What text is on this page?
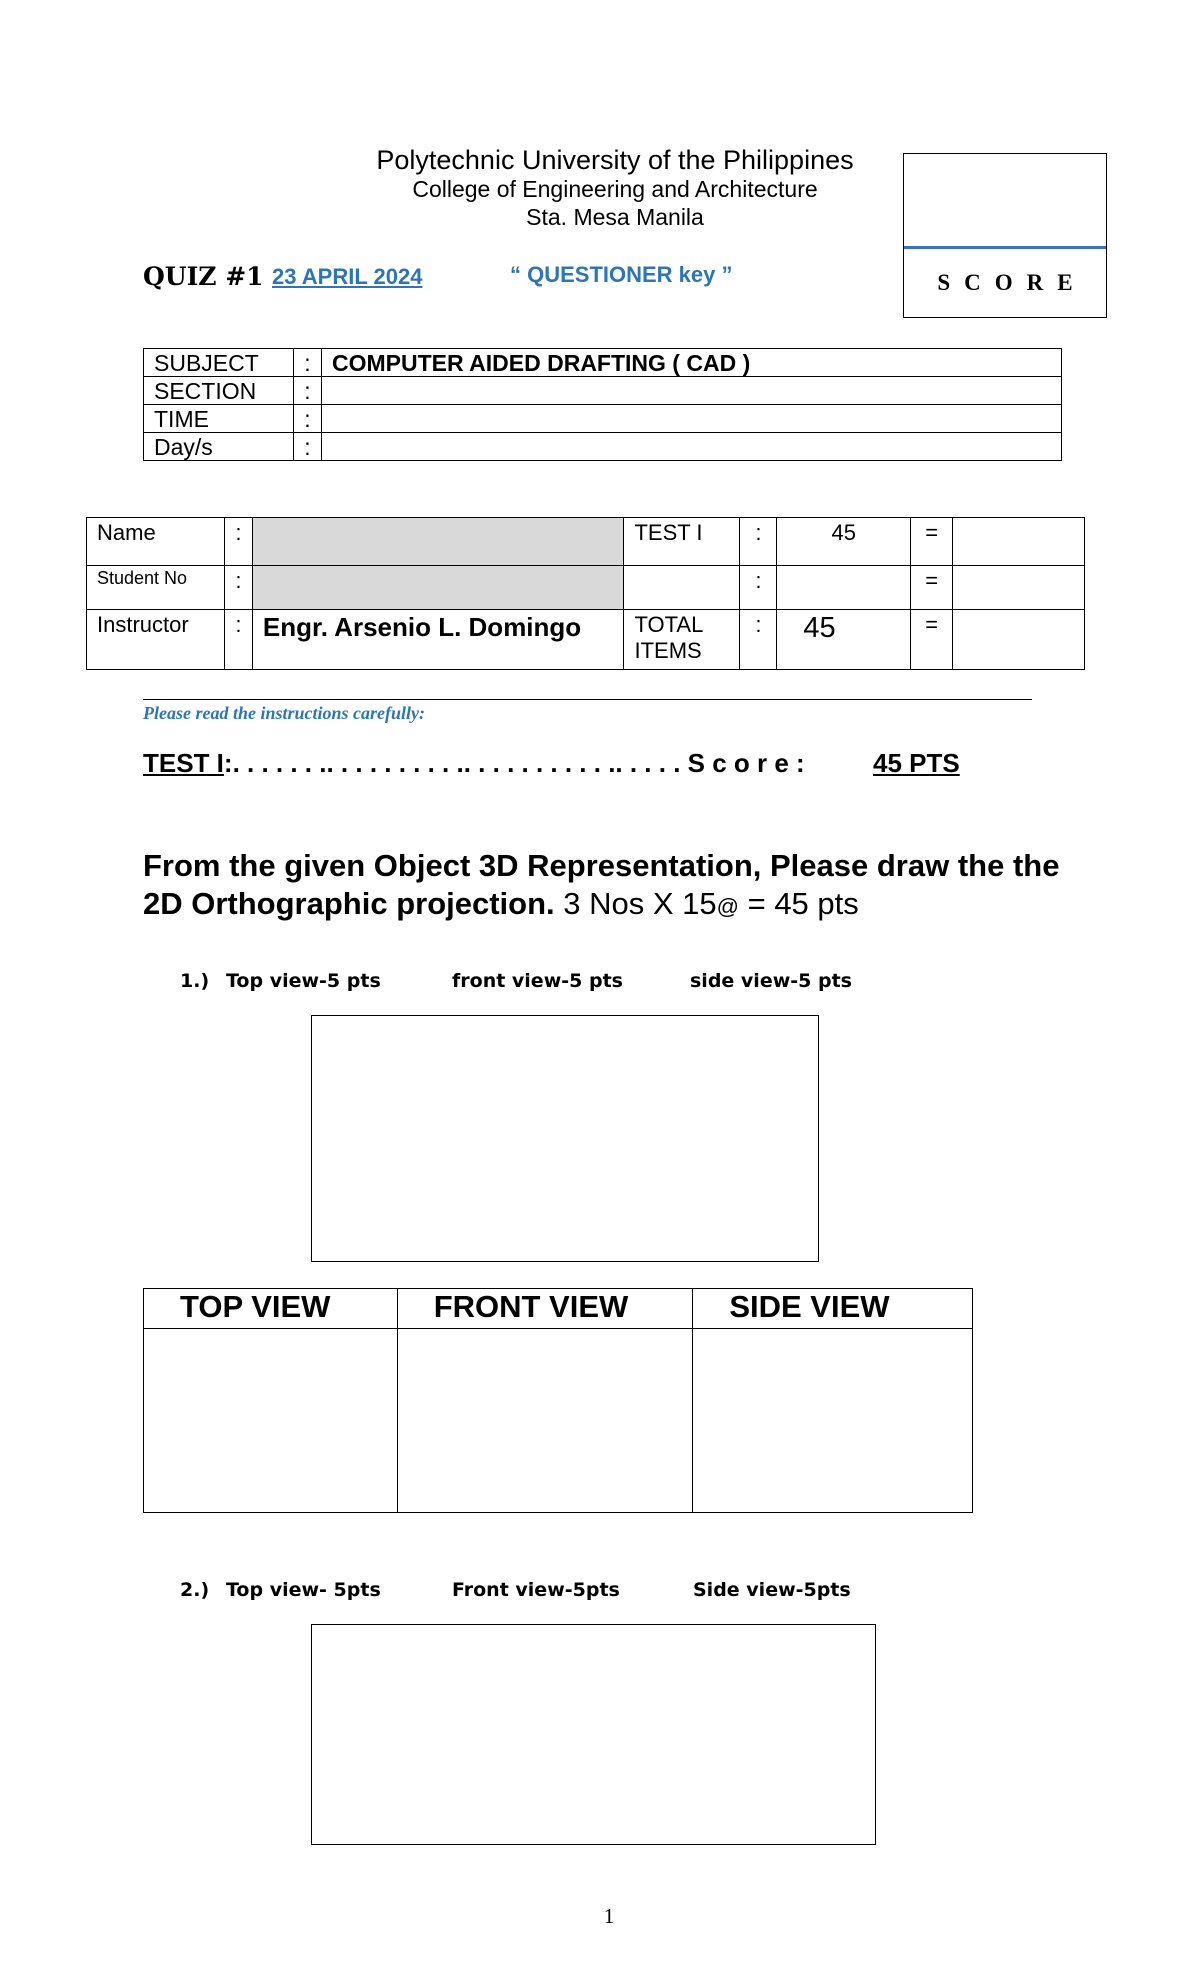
Polytechnic University of the Philippines
College of Engineering and Architecture
Sta. Mesa Manila
SCORE
QUIZ #1 23 APRIL 2024	“ QUESTIONER key ”
SUBJECT	:	COMPUTER AIDED DRAFTING ( CAD )
SECTION	:	
TIME	:	
Day/s	:	
Name	:		TEST I	:	45	=	
Student No	:			:		=	
Instructor	:	Engr. Arsenio L. Domingo	TOTAL ITEMS	:	45	=	
Please read the instructions carefully:
TEST I:. . . . . . .. . . . . . . . . .. . . . . . . . . . .. . . . . S c o r e :	45 PTS
From the given Object 3D Representation, Please draw the the 2D Orthographic projection. 3 Nos X 15@ = 45 pts
1.) Top view-5 pts	front view-5 pts	side view-5 pts
TOP VIEW	FRONT VIEW	SIDE VIEW

2.) Top view- 5pts	Front view-5pts	Side view-5pts
1
